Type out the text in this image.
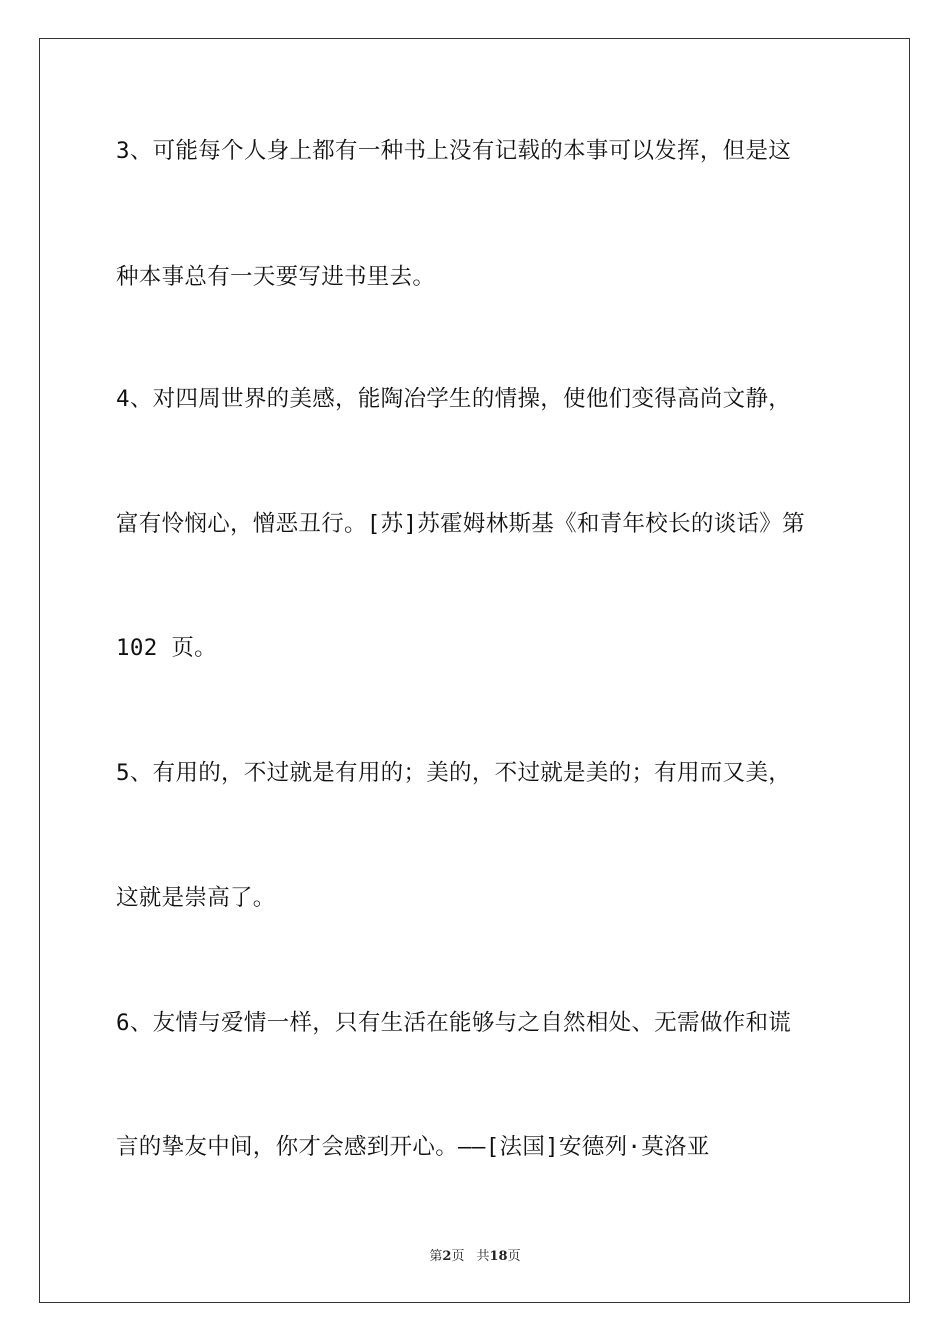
3、可能每个人身上都有一种书上没有记载的本事可以发挥，但是这
种本事总有一天要写进书里去。
4、对四周世界的美感，能陶冶学生的情操，使他们变得高尚文静，
富有怜悯心，憎恶丑行。[苏]苏霍姆林斯基《和青年校长的谈话》第
102 页。
5、有用的，不过就是有用的；美的，不过就是美的；有用而又美，
这就是崇高了。
6、友情与爱情一样，只有生活在能够与之自然相处、无需做作和谎
言的挚友中间，你才会感到开心。——[法国]安德列·莫洛亚
第2页 共18页
